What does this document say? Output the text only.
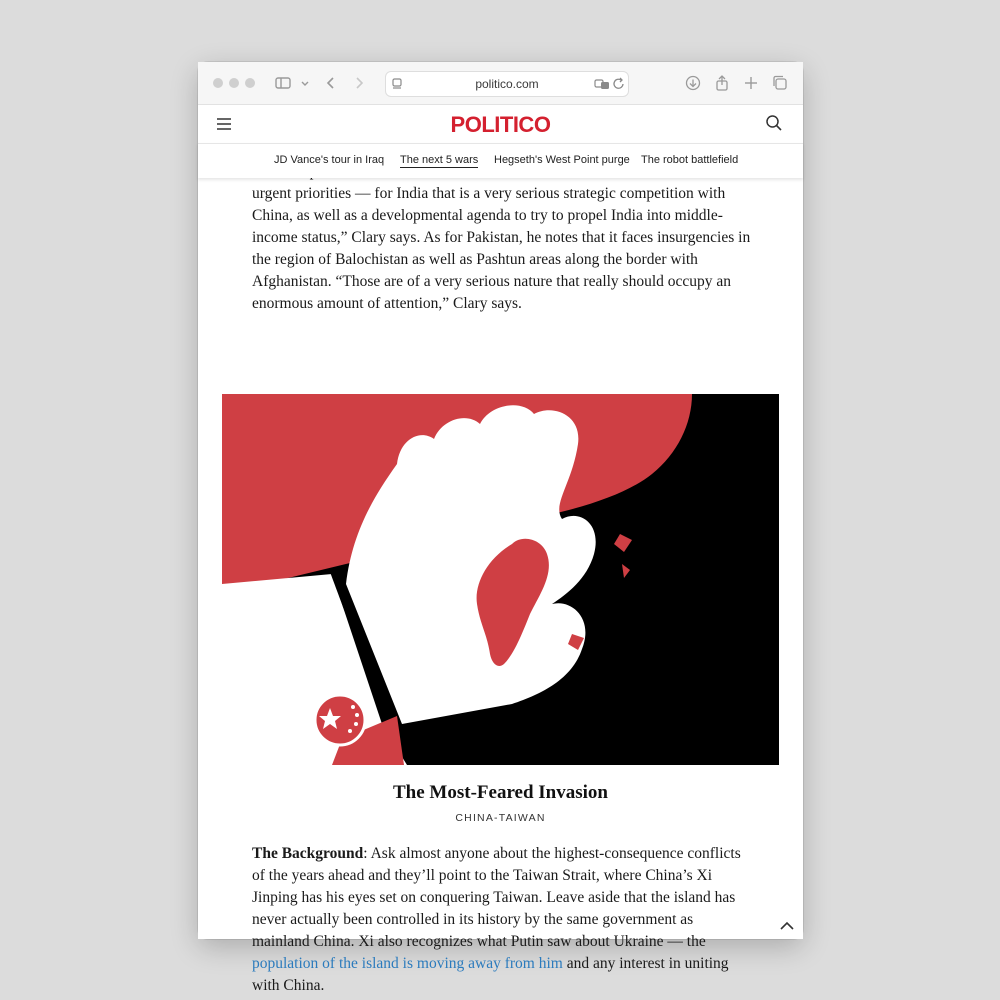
politico.com
POLITICO
JD Vance's tour in Iraq The next 5 wars Hegseth's West Point purge The robot battlefield

urgent priorities — for India that is a very serious strategic competition with China, as well as a developmental agenda to try to propel India into middle-income status,” Clary says. As for Pakistan, he notes that it faces insurgencies in the region of Balochistan as well as Pashtun areas along the border with Afghanistan. “Those are of a very serious nature that really should occupy an enormous amount of attention,” Clary says.

The Most-Feared Invasion
CHINA-TAIWAN

The Background: Ask almost anyone about the highest-consequence conflicts of the years ahead and they’ll point to the Taiwan Strait, where China’s Xi Jinping has his eyes set on conquering Taiwan. Leave aside that the island has never actually been controlled in its history by the same government as mainland China. Xi also recognizes what Putin saw about Ukraine — the population of the island is moving away from him and any interest in uniting with China.
